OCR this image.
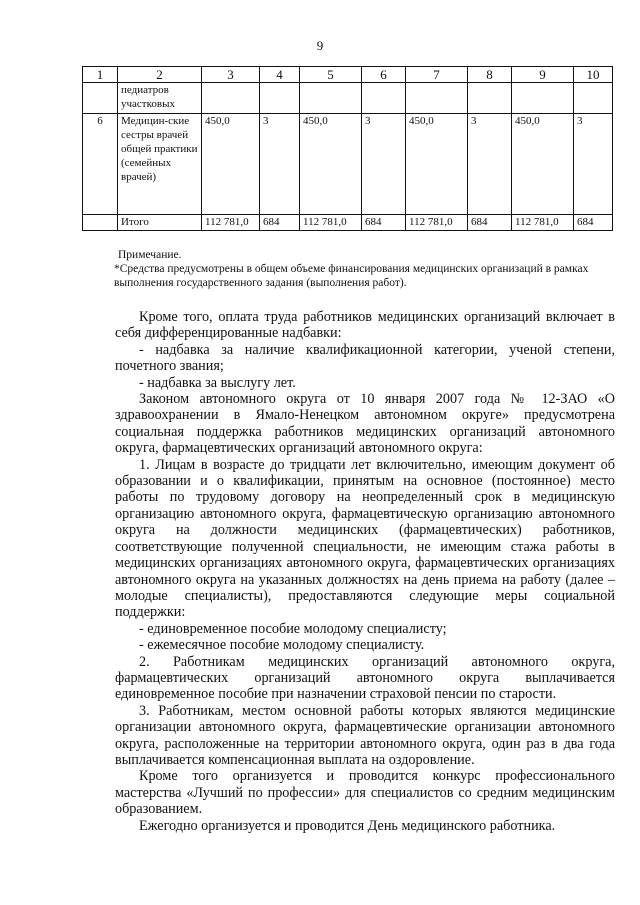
9
1	2	3	4	5	6	7	8	9	10
	педиатров участковых								
6	Медицин-ские сестры врачей общей практики (семейных врачей)	450,0	3	450,0	3	450,0	3	450,0	3
	Итого	112 781,0	684	112 781,0	684	112 781,0	684	112 781,0	684

Примечание.

*Средства предусмотрены в общем объеме финансирования медицинских организаций в рамках выполнения государственного задания (выполнения работ).

Кроме того, оплата труда работников медицинских организаций включает в себя дифференцированные надбавки:

- надбавка за наличие квалификационной категории, ученой степени, почетного звания;

- надбавка за выслугу лет.

Законом автономного округа от 10 января 2007 года № 12-ЗАО «О здравоохранении в Ямало-Ненецком автономном округе» предусмотрена социальная поддержка работников медицинских организаций автономного округа, фармацевтических организаций автономного округа:

1. Лицам в возрасте до тридцати лет включительно, имеющим документ об образовании и о квалификации, принятым на основное (постоянное) место работы по трудовому договору на неопределенный срок в медицинскую организацию автономного округа, фармацевтическую организацию автономного округа на должности медицинских (фармацевтических) работников, соответствующие полученной специальности, не имеющим стажа работы в медицинских организациях автономного округа, фармацевтических организациях автономного округа на указанных должностях на день приема на работу (далее – молодые специалисты), предоставляются следующие меры социальной поддержки:

- единовременное пособие молодому специалисту;

- ежемесячное пособие молодому специалисту.

2. Работникам медицинских организаций автономного округа, фармацевтических организаций автономного округа выплачивается единовременное пособие при назначении страховой пенсии по старости.

3. Работникам, местом основной работы которых являются медицинские организации автономного округа, фармацевтические организации автономного округа, расположенные на территории автономного округа, один раз в два года выплачивается компенсационная выплата на оздоровление.

Кроме того организуется и проводится конкурс профессионального мастерства «Лучший по профессии» для специалистов со средним медицинским образованием.

Ежегодно организуется и проводится День медицинского работника.
